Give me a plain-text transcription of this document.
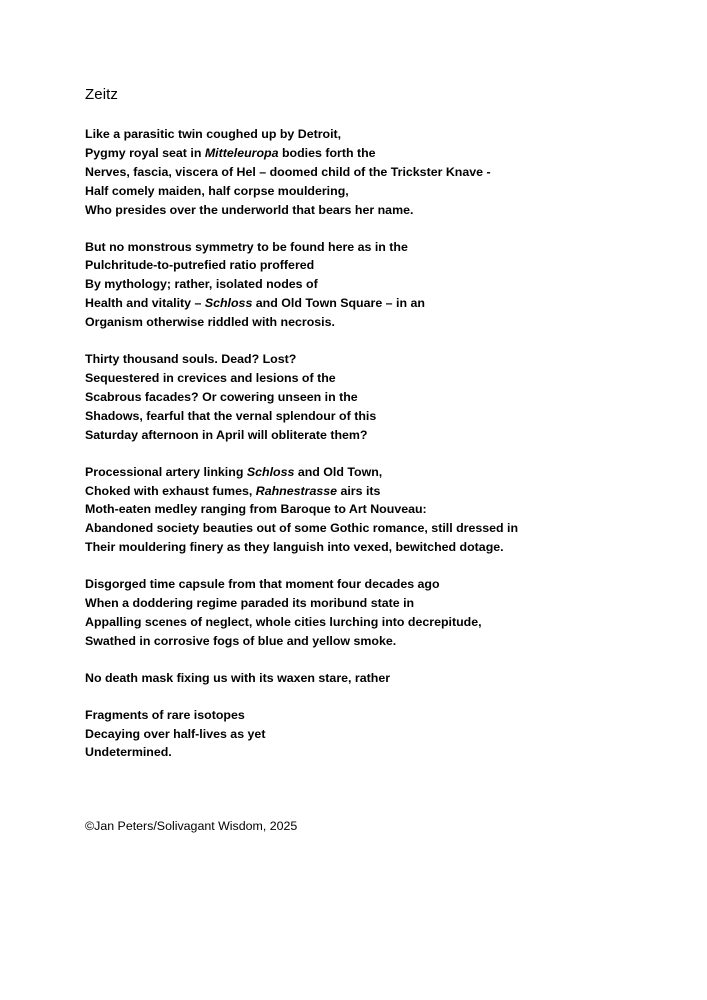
Zeitz
Like a parasitic twin coughed up by Detroit,
Pygmy royal seat in Mitteleuropa bodies forth the
Nerves, fascia, viscera of Hel – doomed child of the Trickster Knave -
Half comely maiden, half corpse mouldering,
Who presides over the underworld that bears her name.
But no monstrous symmetry to be found here as in the
Pulchritude-to-putrefied ratio proffered
By mythology; rather, isolated nodes of
Health and vitality – Schloss and Old Town Square – in an
Organism otherwise riddled with necrosis.
Thirty thousand souls. Dead? Lost?
Sequestered in crevices and lesions of the
Scabrous facades? Or cowering unseen in the
Shadows, fearful that the vernal splendour of this
Saturday afternoon in April will obliterate them?
Processional artery linking Schloss and Old Town,
Choked with exhaust fumes, Rahnestrasse airs its
Moth-eaten medley ranging from Baroque to Art Nouveau:
Abandoned society beauties out of some Gothic romance, still dressed in
Their mouldering finery as they languish into vexed, bewitched dotage.
Disgorged time capsule from that moment four decades ago
When a doddering regime paraded its moribund state in
Appalling scenes of neglect, whole cities lurching into decrepitude,
Swathed in corrosive fogs of blue and yellow smoke.
No death mask fixing us with its waxen stare, rather
Fragments of rare isotopes
Decaying over half-lives as yet
Undetermined.

©Jan Peters/Solivagant Wisdom, 2025
